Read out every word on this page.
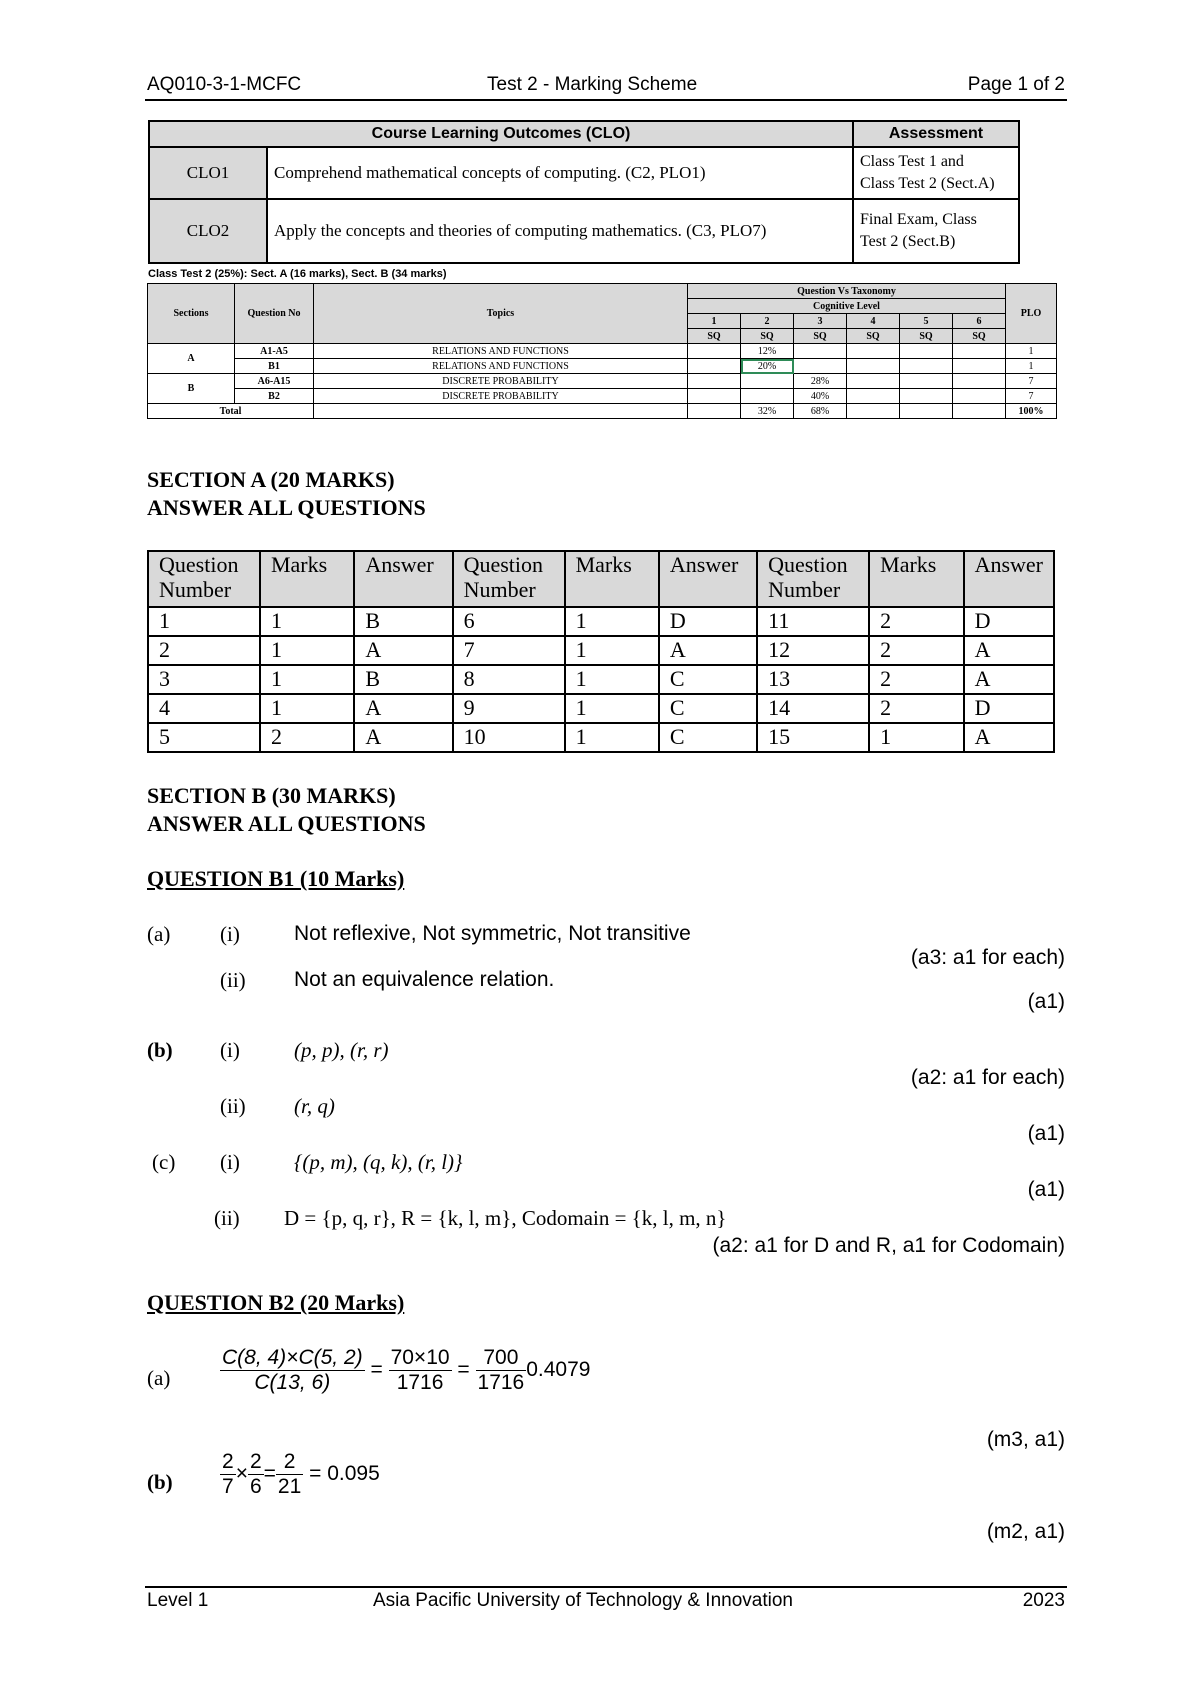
AQ010-3-1-MCFC	Test 2 - Marking Scheme	Page 1 of 2
Course Learning Outcomes (CLO)		Assessment
CLO1	Comprehend mathematical concepts of computing. (C2, PLO1)	Class Test 1 and
Class Test 2 (Sect.A)
CLO2	Apply the concepts and theories of computing mathematics. (C3, PLO7)	Final Exam, Class
Test 2 (Sect.B)
Class Test 2 (25%): Sect. A (16 marks), Sect. B (34 marks)
Sections	Question No	Topics	Question Vs Taxonomy						PLO
			Cognitive Level						
			1	2	3	4	5	6	
			SQ	SQ	SQ	SQ	SQ	SQ	
A	A1-A5	RELATIONS AND FUNCTIONS		12%					1
	B1	RELATIONS AND FUNCTIONS		20%					1
B	A6-A15	DISCRETE PROBABILITY			28%				7
	B2	DISCRETE PROBABILITY			40%				7
Total				32%	68%				100%
SECTION A (20 MARKS)
ANSWER ALL QUESTIONS
Question
Number	Marks	Answer	Question
Number	Marks	Answer	Question
Number	Marks	Answer
1	1	B	6	1	D	11	2	D
2	1	A	7	1	A	12	2	A
3	1	B	8	1	C	13	2	A
4	1	A	9	1	C	14	2	D
5	2	A	10	1	C	15	1	A
SECTION B (30 MARKS)
ANSWER ALL QUESTIONS
QUESTION B1 (10 Marks)
(a) (i)	Not reflexive, Not symmetric, Not transitive
(a3: a1 for each)
(ii) Not an equivalence relation.
(a1)
(b) (i)	(p, p), (r, r)
(a2: a1 for each)
(ii) (r, q)
(a1)
(c) (i)	{(p, m), (q, k), (r, l)}
(a1)
(ii) D = {p, q, r}, R = {k, l, m}, Codomain = {k, l, m, n}
(a2: a1 for D and R, a1 for Codomain)
QUESTION B2 (20 Marks)
$(a) \frac{C(8, 4)\times C(5, 2)}{C(13, 6)} = \frac{70\times 10}{1716} = \frac{700}{1716} 0.4079$
(m3, a1)
$(b) \frac{2}{7} \times \frac{2}{6} = \frac{2}{21} = 0.095$
(m2, a1)
Level 1	Asia Pacific University of Technology & Innovation	2023
